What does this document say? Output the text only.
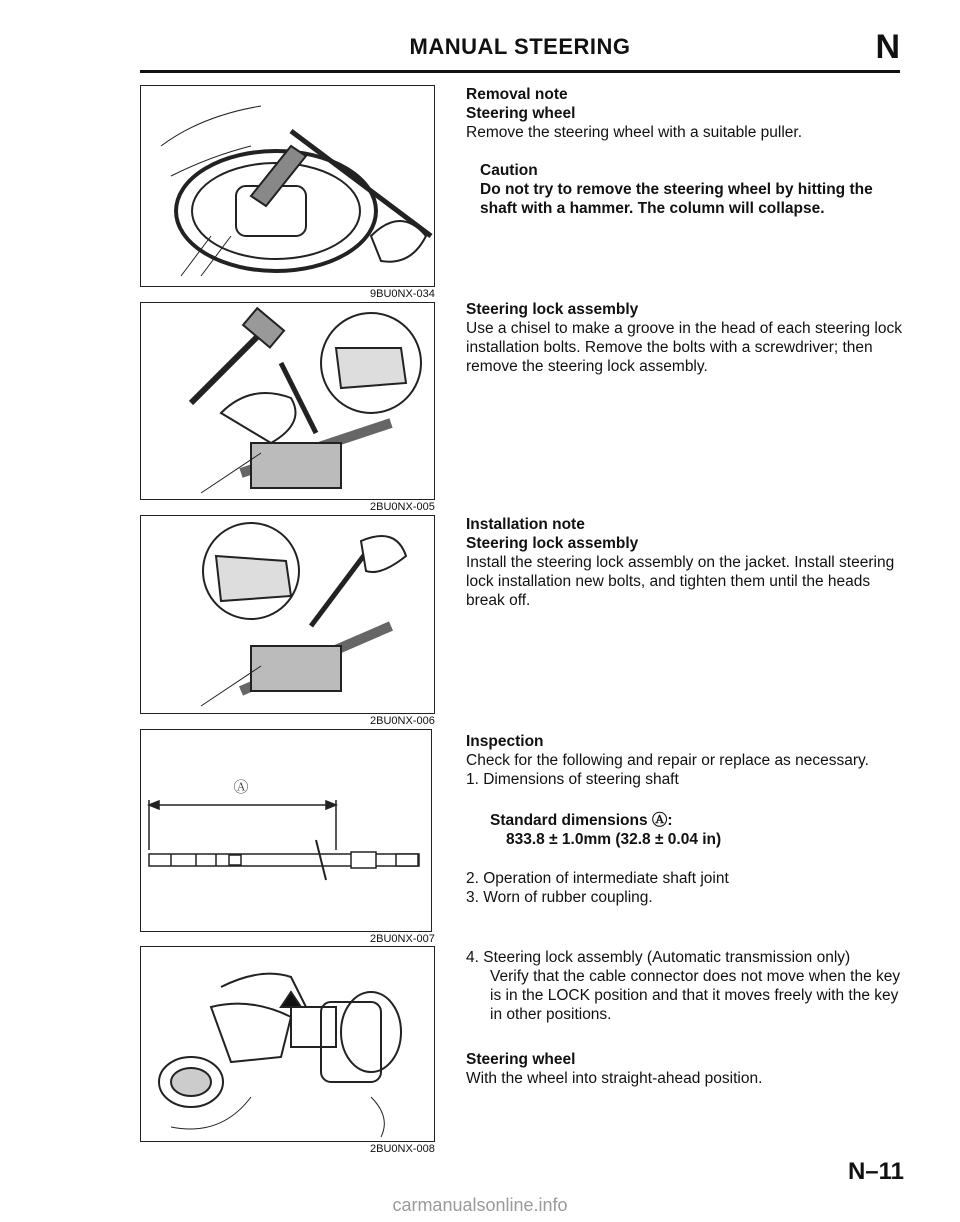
MANUAL STEERING	N
9BU0NX-034
2BU0NX-005
2BU0NX-006
Ⓐ
2BU0NX-007
2BU0NX-008

Removal note

Steering wheel

Remove the steering wheel with a suitable puller.

Caution

Do not try to remove the steering wheel by hitting the shaft with a hammer. The column will collapse.

Steering lock assembly

Use a chisel to make a groove in the head of each steering lock installation bolts. Remove the bolts with a screwdriver; then remove the steering lock assembly.

Installation note

Steering lock assembly

Install the steering lock assembly on the jacket. Install steering lock installation new bolts, and tighten them until the heads break off.

Inspection

Check for the following and repair or replace as necessary.

1. Dimensions of steering shaft

Standard dimensions Ⓐ:

833.8 ± 1.0mm (32.8 ± 0.04 in)

2. Operation of intermediate shaft joint

3. Worn of rubber coupling.

4. Steering lock assembly (Automatic transmission only)

Verify that the cable connector does not move when the key is in the LOCK position and that it moves freely with the key in other positions.

Steering wheel

With the wheel into straight-ahead position.

N–11
carmanualsonline.info
